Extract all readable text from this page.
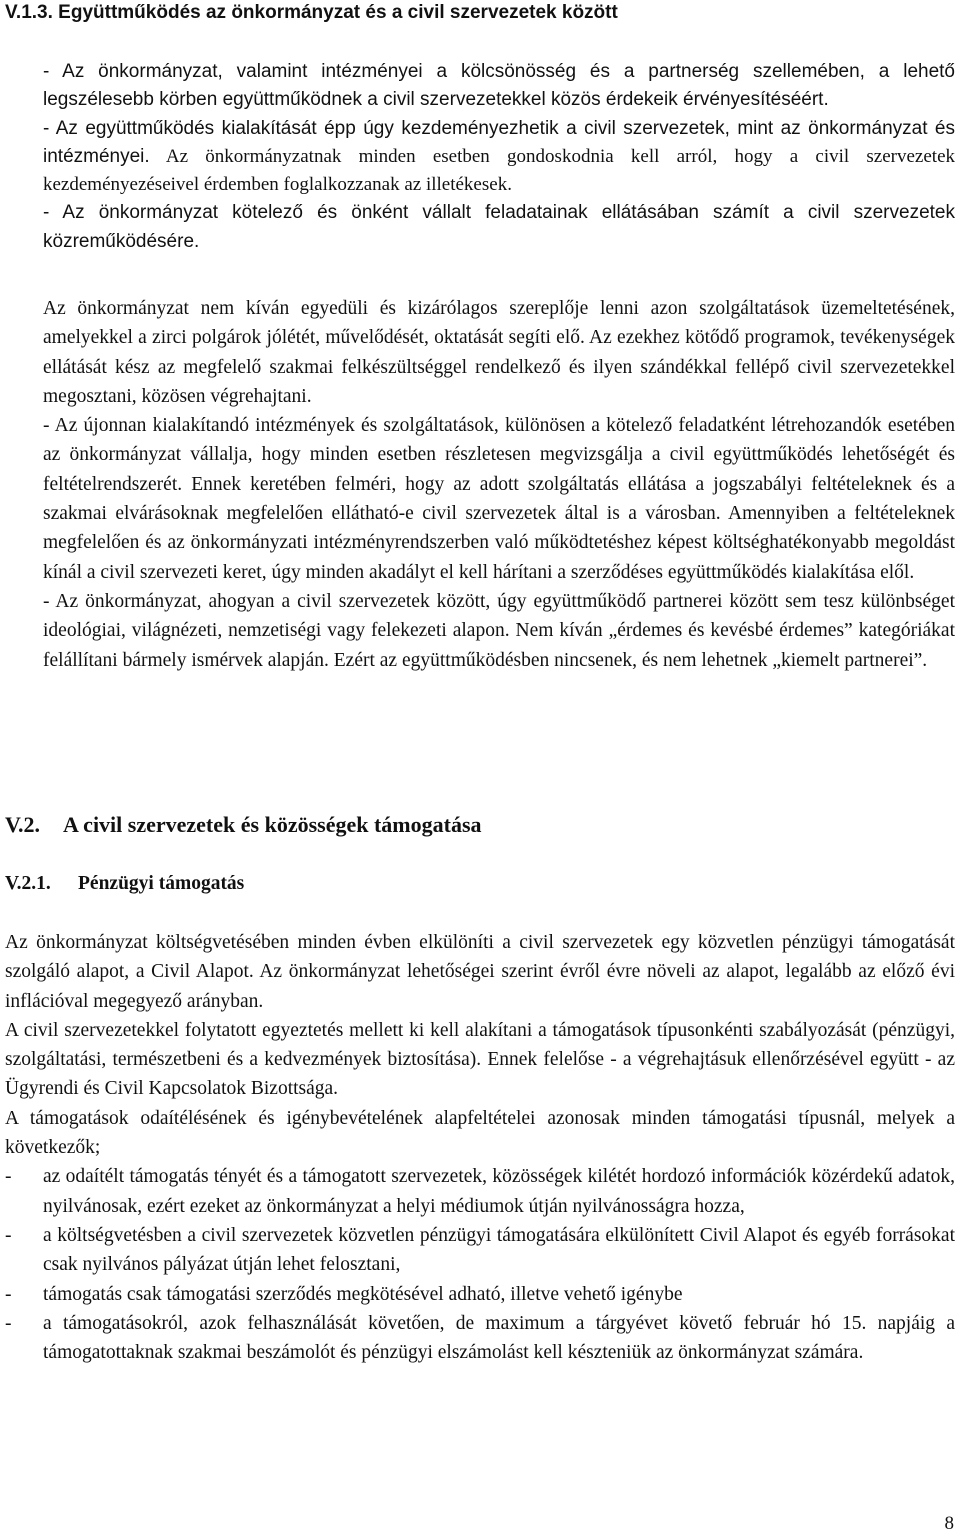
V.1.3. Együttműködés az önkormányzat és a civil szervezetek között

- Az önkormányzat, valamint intézményei a kölcsönösség és a partnerség szellemében, a lehető legszélesebb körben együttműködnek a civil szervezetekkel közös érdekeik érvényesítéséért.

- Az együttműködés kialakítását épp úgy kezdeményezhetik a civil szervezetek, mint az önkormányzat és intézményei. Az önkormányzatnak minden esetben gondoskodnia kell arról, hogy a civil szervezetek kezdeményezéseivel érdemben foglalkozzanak az illetékesek.

- Az önkormányzat kötelező és önként vállalt feladatainak ellátásában számít a civil szervezetek közreműködésére.

Az önkormányzat nem kíván egyedüli és kizárólagos szereplője lenni azon szolgáltatások üzemeltetésének, amelyekkel a zirci polgárok jólétét, művelődését, oktatását segíti elő. Az ezekhez kötődő programok, tevékenységek ellátását kész az megfelelő szakmai felkészültséggel rendelkező és ilyen szándékkal fellépő civil szervezetekkel megosztani, közösen végrehajtani.

- Az újonnan kialakítandó intézmények és szolgáltatások, különösen a kötelező feladatként létrehozandók esetében az önkormányzat vállalja, hogy minden esetben részletesen megvizsgálja a civil együttműködés lehetőségét és feltételrendszerét. Ennek keretében felméri, hogy az adott szolgáltatás ellátása a jogszabályi feltételeknek és a szakmai elvárásoknak megfelelően ellátható-e civil szervezetek által is a városban. Amennyiben a feltételeknek megfelelően és az önkormányzati intézményrendszerben való működtetéshez képest költséghatékonyabb megoldást kínál a civil szervezeti keret, úgy minden akadályt el kell hárítani a szerződéses együttműködés kialakítása elől.

- Az önkormányzat, ahogyan a civil szervezetek között, úgy együttműködő partnerei között sem tesz különbséget ideológiai, világnézeti, nemzetiségi vagy felekezeti alapon. Nem kíván „érdemes és kevésbé érdemes” kategóriákat felállítani bármely ismérvek alapján. Ezért az együttműködésben nincsenek, és nem lehetnek „kiemelt partnerei”.

V.2. A civil szervezetek és közösségek támogatása
V.2.1. Pénzügyi támogatás

Az önkormányzat költségvetésében minden évben elkülöníti a civil szervezetek egy közvetlen pénzügyi támogatását szolgáló alapot, a Civil Alapot. Az önkormányzat lehetőségei szerint évről évre növeli az alapot, legalább az előző évi inflációval megegyező arányban.

A civil szervezetekkel folytatott egyeztetés mellett ki kell alakítani a támogatások típusonkénti szabályozását (pénzügyi, szolgáltatási, természetbeni és a kedvezmények biztosítása). Ennek felelőse - a végrehajtásuk ellenőrzésével együtt - az Ügyrendi és Civil Kapcsolatok Bizottsága.

A támogatások odaítélésének és igénybevételének alapfeltételei azonosak minden támogatási típusnál, melyek a következők;

- az odaítélt támogatás tényét és a támogatott szervezetek, közösségek kilétét hordozó információk közérdekű adatok, nyilvánosak, ezért ezeket az önkormányzat a helyi médiumok útján nyilvánosságra hozza,
- a költségvetésben a civil szervezetek közvetlen pénzügyi támogatására elkülönített Civil Alapot és egyéb forrásokat csak nyilvános pályázat útján lehet felosztani,
- támogatás csak támogatási szerződés megkötésével adható, illetve vehető igénybe
- a támogatásokról, azok felhasználását követően, de maximum a tárgyévet követő február hó 15. napjáig a támogatottaknak szakmai beszámolót és pénzügyi elszámolást kell készteniük az önkormányzat számára.
8
